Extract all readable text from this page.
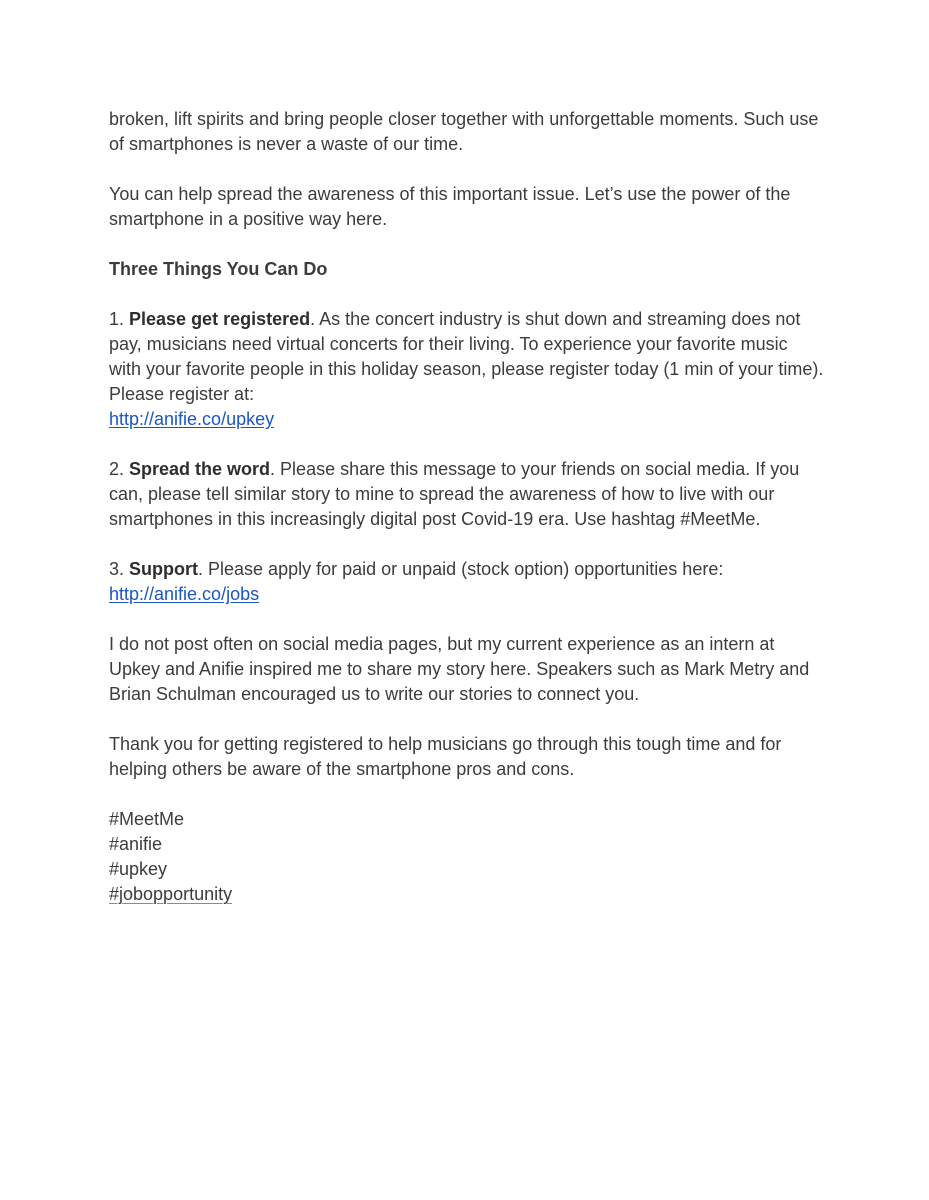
broken, lift spirits and bring people closer together with unforgettable moments. Such use of smartphones is never a waste of our time.

You can help spread the awareness of this important issue. Let’s use the power of the smartphone in a positive way here.

Three Things You Can Do

1. Please get registered. As the concert industry is shut down and streaming does not pay, musicians need virtual concerts for their living. To experience your favorite music with your favorite people in this holiday season, please register today (1 min of your time). Please register at:
http://anifie.co/upkey

2. Spread the word. Please share this message to your friends on social media. If you can, please tell similar story to mine to spread the awareness of how to live with our smartphones in this increasingly digital post Covid-19 era. Use hashtag #MeetMe.

3. Support. Please apply for paid or unpaid (stock option) opportunities here:
http://anifie.co/jobs

I do not post often on social media pages, but my current experience as an intern at Upkey and Anifie inspired me to share my story here. Speakers such as Mark Metry and Brian Schulman encouraged us to write our stories to connect you.

Thank you for getting registered to help musicians go through this tough time and for helping others be aware of the smartphone pros and cons.

#MeetMe
#anifie
#upkey
#jobopportunity
